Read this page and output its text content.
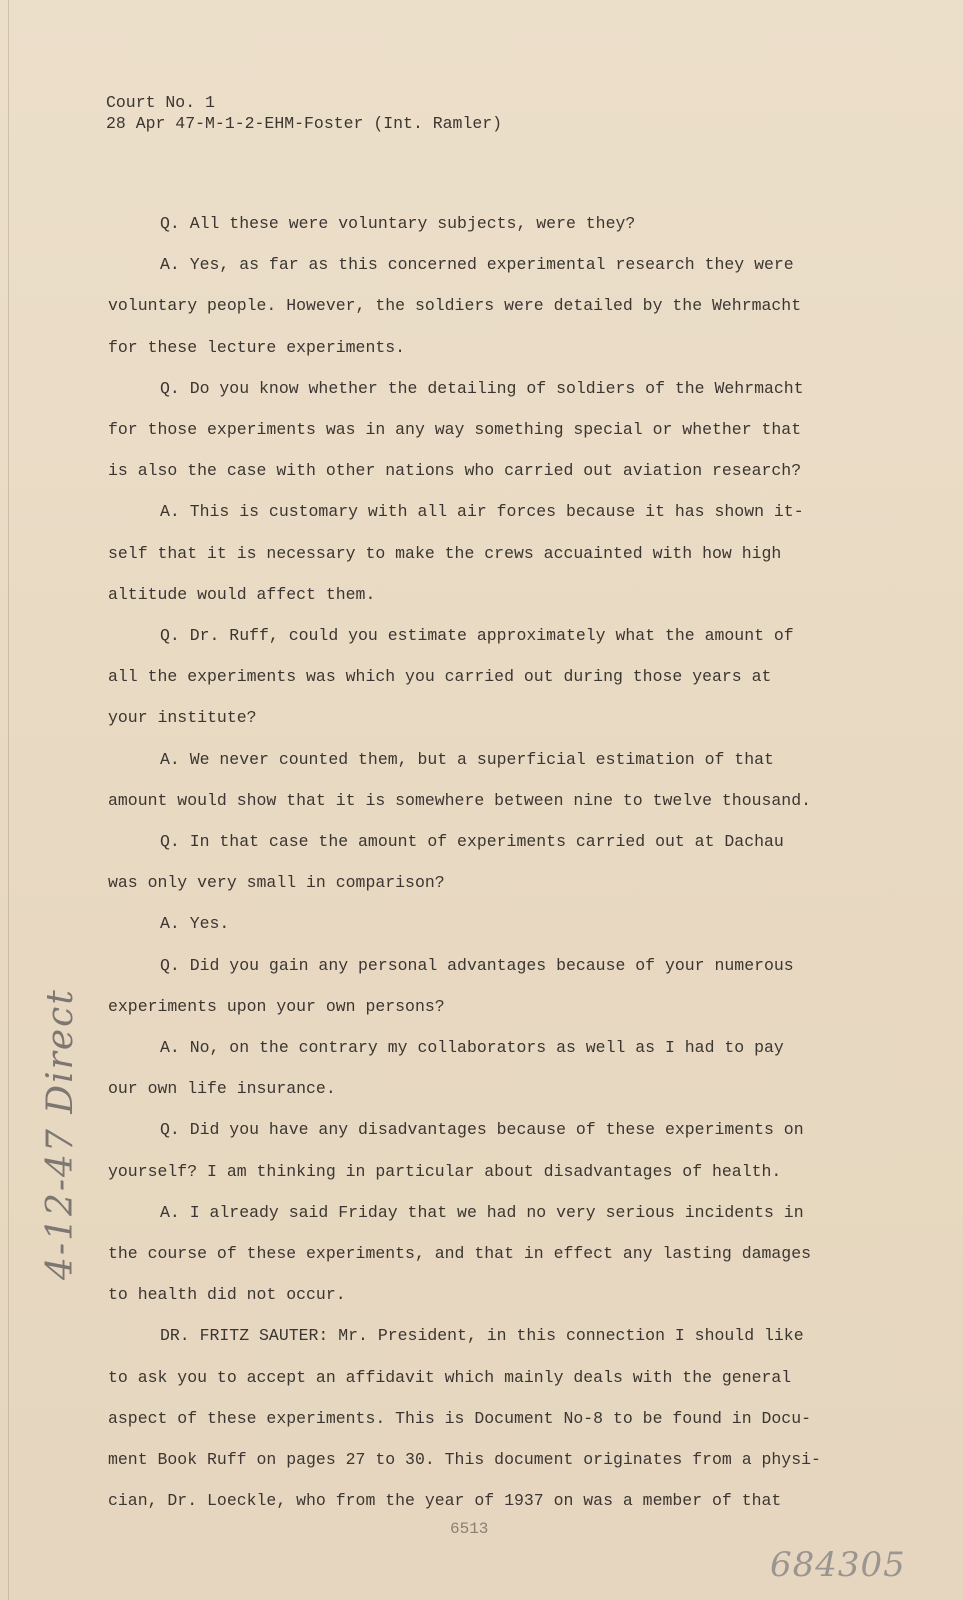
Court No. 1
28 Apr 47-M-1-2-EHM-Foster (Int. Ramler)
Q. All these were voluntary subjects, were they?
A. Yes, as far as this concerned experimental research they were
voluntary people. However, the soldiers were detailed by the Wehrmacht
for these lecture experiments.
Q. Do you know whether the detailing of soldiers of the Wehrmacht
for those experiments was in any way something special or whether that
is also the case with other nations who carried out aviation research?
A. This is customary with all air forces because it has shown it-
self that it is necessary to make the crews accuainted with how high
altitude would affect them.
Q. Dr. Ruff, could you estimate approximately what the amount of
all the experiments was which you carried out during those years at
your institute?
A. We never counted them, but a superficial estimation of that
amount would show that it is somewhere between nine to twelve thousand.
Q. In that case the amount of experiments carried out at Dachau
was only very small in comparison?
A. Yes.
Q. Did you gain any personal advantages because of your numerous
experiments upon your own persons?
A. No, on the contrary my collaborators as well as I had to pay
our own life insurance.
Q. Did you have any disadvantages because of these experiments on
yourself? I am thinking in particular about disadvantages of health.
A. I already said Friday that we had no very serious incidents in
the course of these experiments, and that in effect any lasting damages
to health did not occur.
DR. FRITZ SAUTER: Mr. President, in this connection I should like
to ask you to accept an affidavit which mainly deals with the general
aspect of these experiments. This is Document No-8 to be found in Docu-
ment Book Ruff on pages 27 to 30. This document originates from a physi-
cian, Dr. Loeckle, who from the year of 1937 on was a member of that
4-12-47 Direct
6513
684305
